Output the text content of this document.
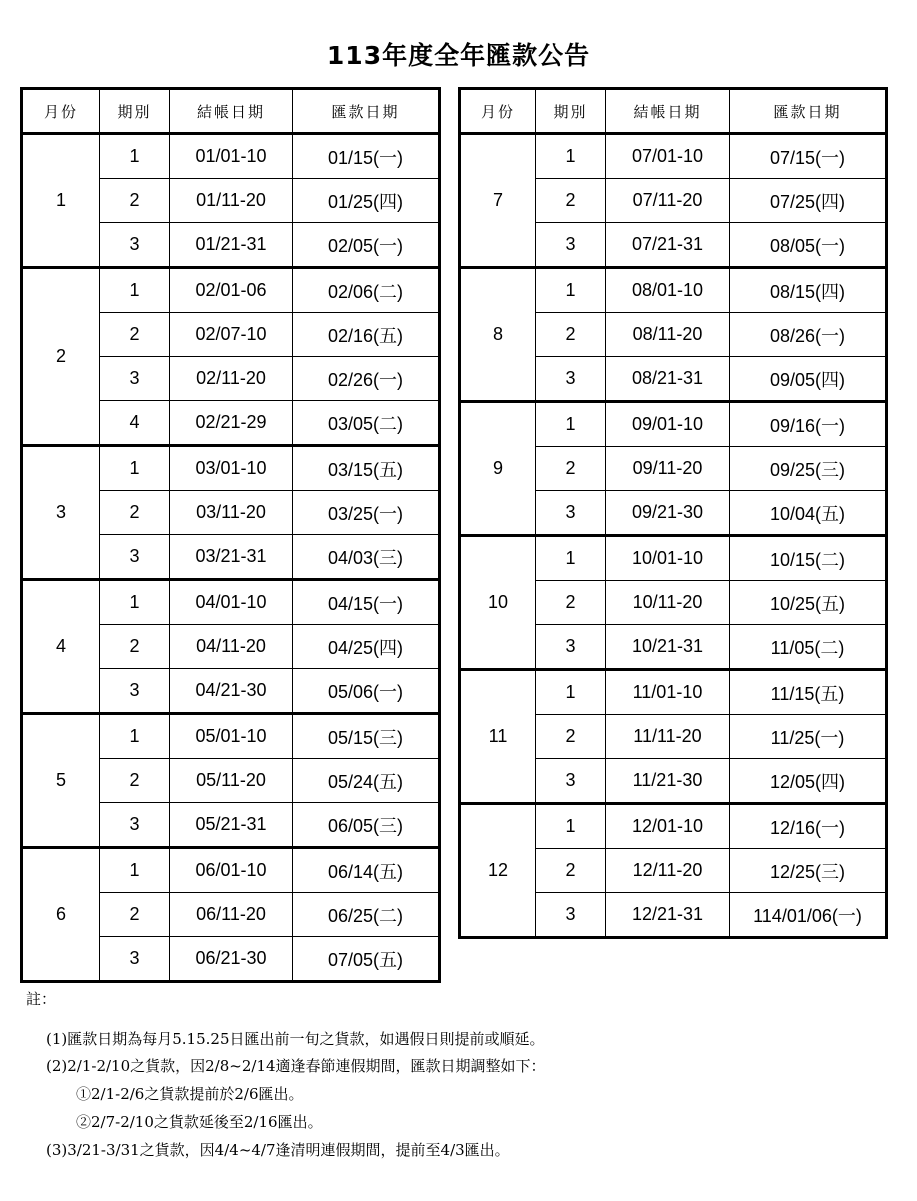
113年度全年匯款公告
月份	期別	結帳日期	匯款日期
1	1	01/01-10	01/15(一)
	2	01/11-20	01/25(四)
	3	01/21-31	02/05(一)
2	1	02/01-06	02/06(二)
	2	02/07-10	02/16(五)
	3	02/11-20	02/26(一)
	4	02/21-29	03/05(二)
3	1	03/01-10	03/15(五)
	2	03/11-20	03/25(一)
	3	03/21-31	04/03(三)
4	1	04/01-10	04/15(一)
	2	04/11-20	04/25(四)
	3	04/21-30	05/06(一)
5	1	05/01-10	05/15(三)
	2	05/11-20	05/24(五)
	3	05/21-31	06/05(三)
6	1	06/01-10	06/14(五)
	2	06/11-20	06/25(二)
	3	06/21-30	07/05(五)
月份	期別	結帳日期	匯款日期
7	1	07/01-10	07/15(一)
	2	07/11-20	07/25(四)
	3	07/21-31	08/05(一)
8	1	08/01-10	08/15(四)
	2	08/11-20	08/26(一)
	3	08/21-31	09/05(四)
9	1	09/01-10	09/16(一)
	2	09/11-20	09/25(三)
	3	09/21-30	10/04(五)
10	1	10/01-10	10/15(二)
	2	10/11-20	10/25(五)
	3	10/21-31	11/05(二)
11	1	11/01-10	11/15(五)
	2	11/11-20	11/25(一)
	3	11/21-30	12/05(四)
12	1	12/01-10	12/16(一)
	2	12/11-20	12/25(三)
	3	12/21-31	114/01/06(一)
註：
(1)匯款日期為每月5.15.25日匯出前一旬之貨款，如遇假日則提前或順延。
(2)2/1-2/10之貨款，因2/8~2/14適逢春節連假期間，匯款日期調整如下：
①2/1-2/6之貨款提前於2/6匯出。
②2/7-2/10之貨款延後至2/16匯出。
(3)3/21-3/31之貨款，因4/4~4/7逢清明連假期間，提前至4/3匯出。
